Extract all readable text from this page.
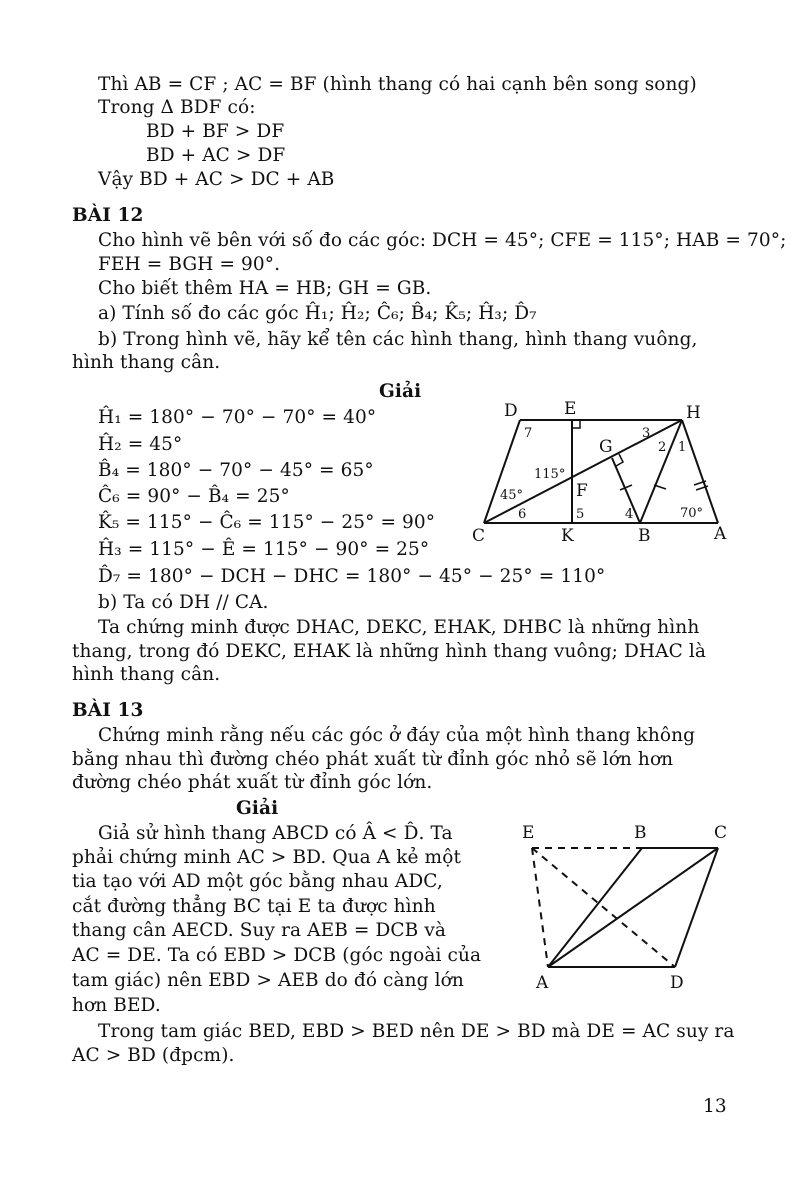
Thì AB = CF ; AC = BF (hình thang có hai cạnh bên song song)
Trong Δ BDF có:
BD + BF > DF
BD + AC > DF
Vậy BD + AC > DC + AB
BÀI 12
Cho hình vẽ bên với số đo các góc: DCH = 45°; CFE = 115°; HAB = 70°;
FEH = BGH = 90°.
Cho biết thêm HA = HB; GH = GB.
a) Tính số đo các góc Ĥ₁; Ĥ₂; Ĉ₆; B̂₄; K̂₅; Ĥ₃; D̂₇
b) Trong hình vẽ, hãy kể tên các hình thang, hình thang vuông,
hình thang cân.
Giải
Ĥ₁ = 180° − 70° − 70° = 40°
Ĥ₂ = 45°
B̂₄ = 180° − 70° − 45° = 65°
Ĉ₆ = 90° − B̂₄ = 25°
K̂₅ = 115° − Ĉ₆ = 115° − 25° = 90°
Ĥ₃ = 115° − Ê = 115° − 90° = 25°
D̂₇ = 180° − DCH − DHC = 180° − 45° − 25° = 110°
b) Ta có DH // CA.
Ta chứng minh được DHAC, DEKC, EHAK, DHBC là những hình
thang, trong đó DEKC, EHAK là những hình thang vuông; DHAC là
hình thang cân.
D	E	H
G
F
C	K	B	A
7	3
2 1
6	5	4
115°
45°
70°
BÀI 13
Chứng minh rằng nếu các góc ở đáy của một hình thang không
bằng nhau thì đường chéo phát xuất từ đỉnh góc nhỏ sẽ lớn hơn
đường chéo phát xuất từ đỉnh góc lớn.
Giải
Giả sử hình thang ABCD có Â < D̂. Ta
phải chứng minh AC > BD. Qua A kẻ một
tia tạo với AD một góc bằng nhau ADC,
cắt đường thẳng BC tại E ta được hình
thang cân AECD. Suy ra AEB = DCB và
AC = DE. Ta có EBD > DCB (góc ngoài của
tam giác) nên EBD > AEB do đó càng lớn
hơn BED.
Trong tam giác BED, EBD > BED nên DE > BD mà DE = AC suy ra
AC > BD (đpcm).
E	B	C
A	D
13
